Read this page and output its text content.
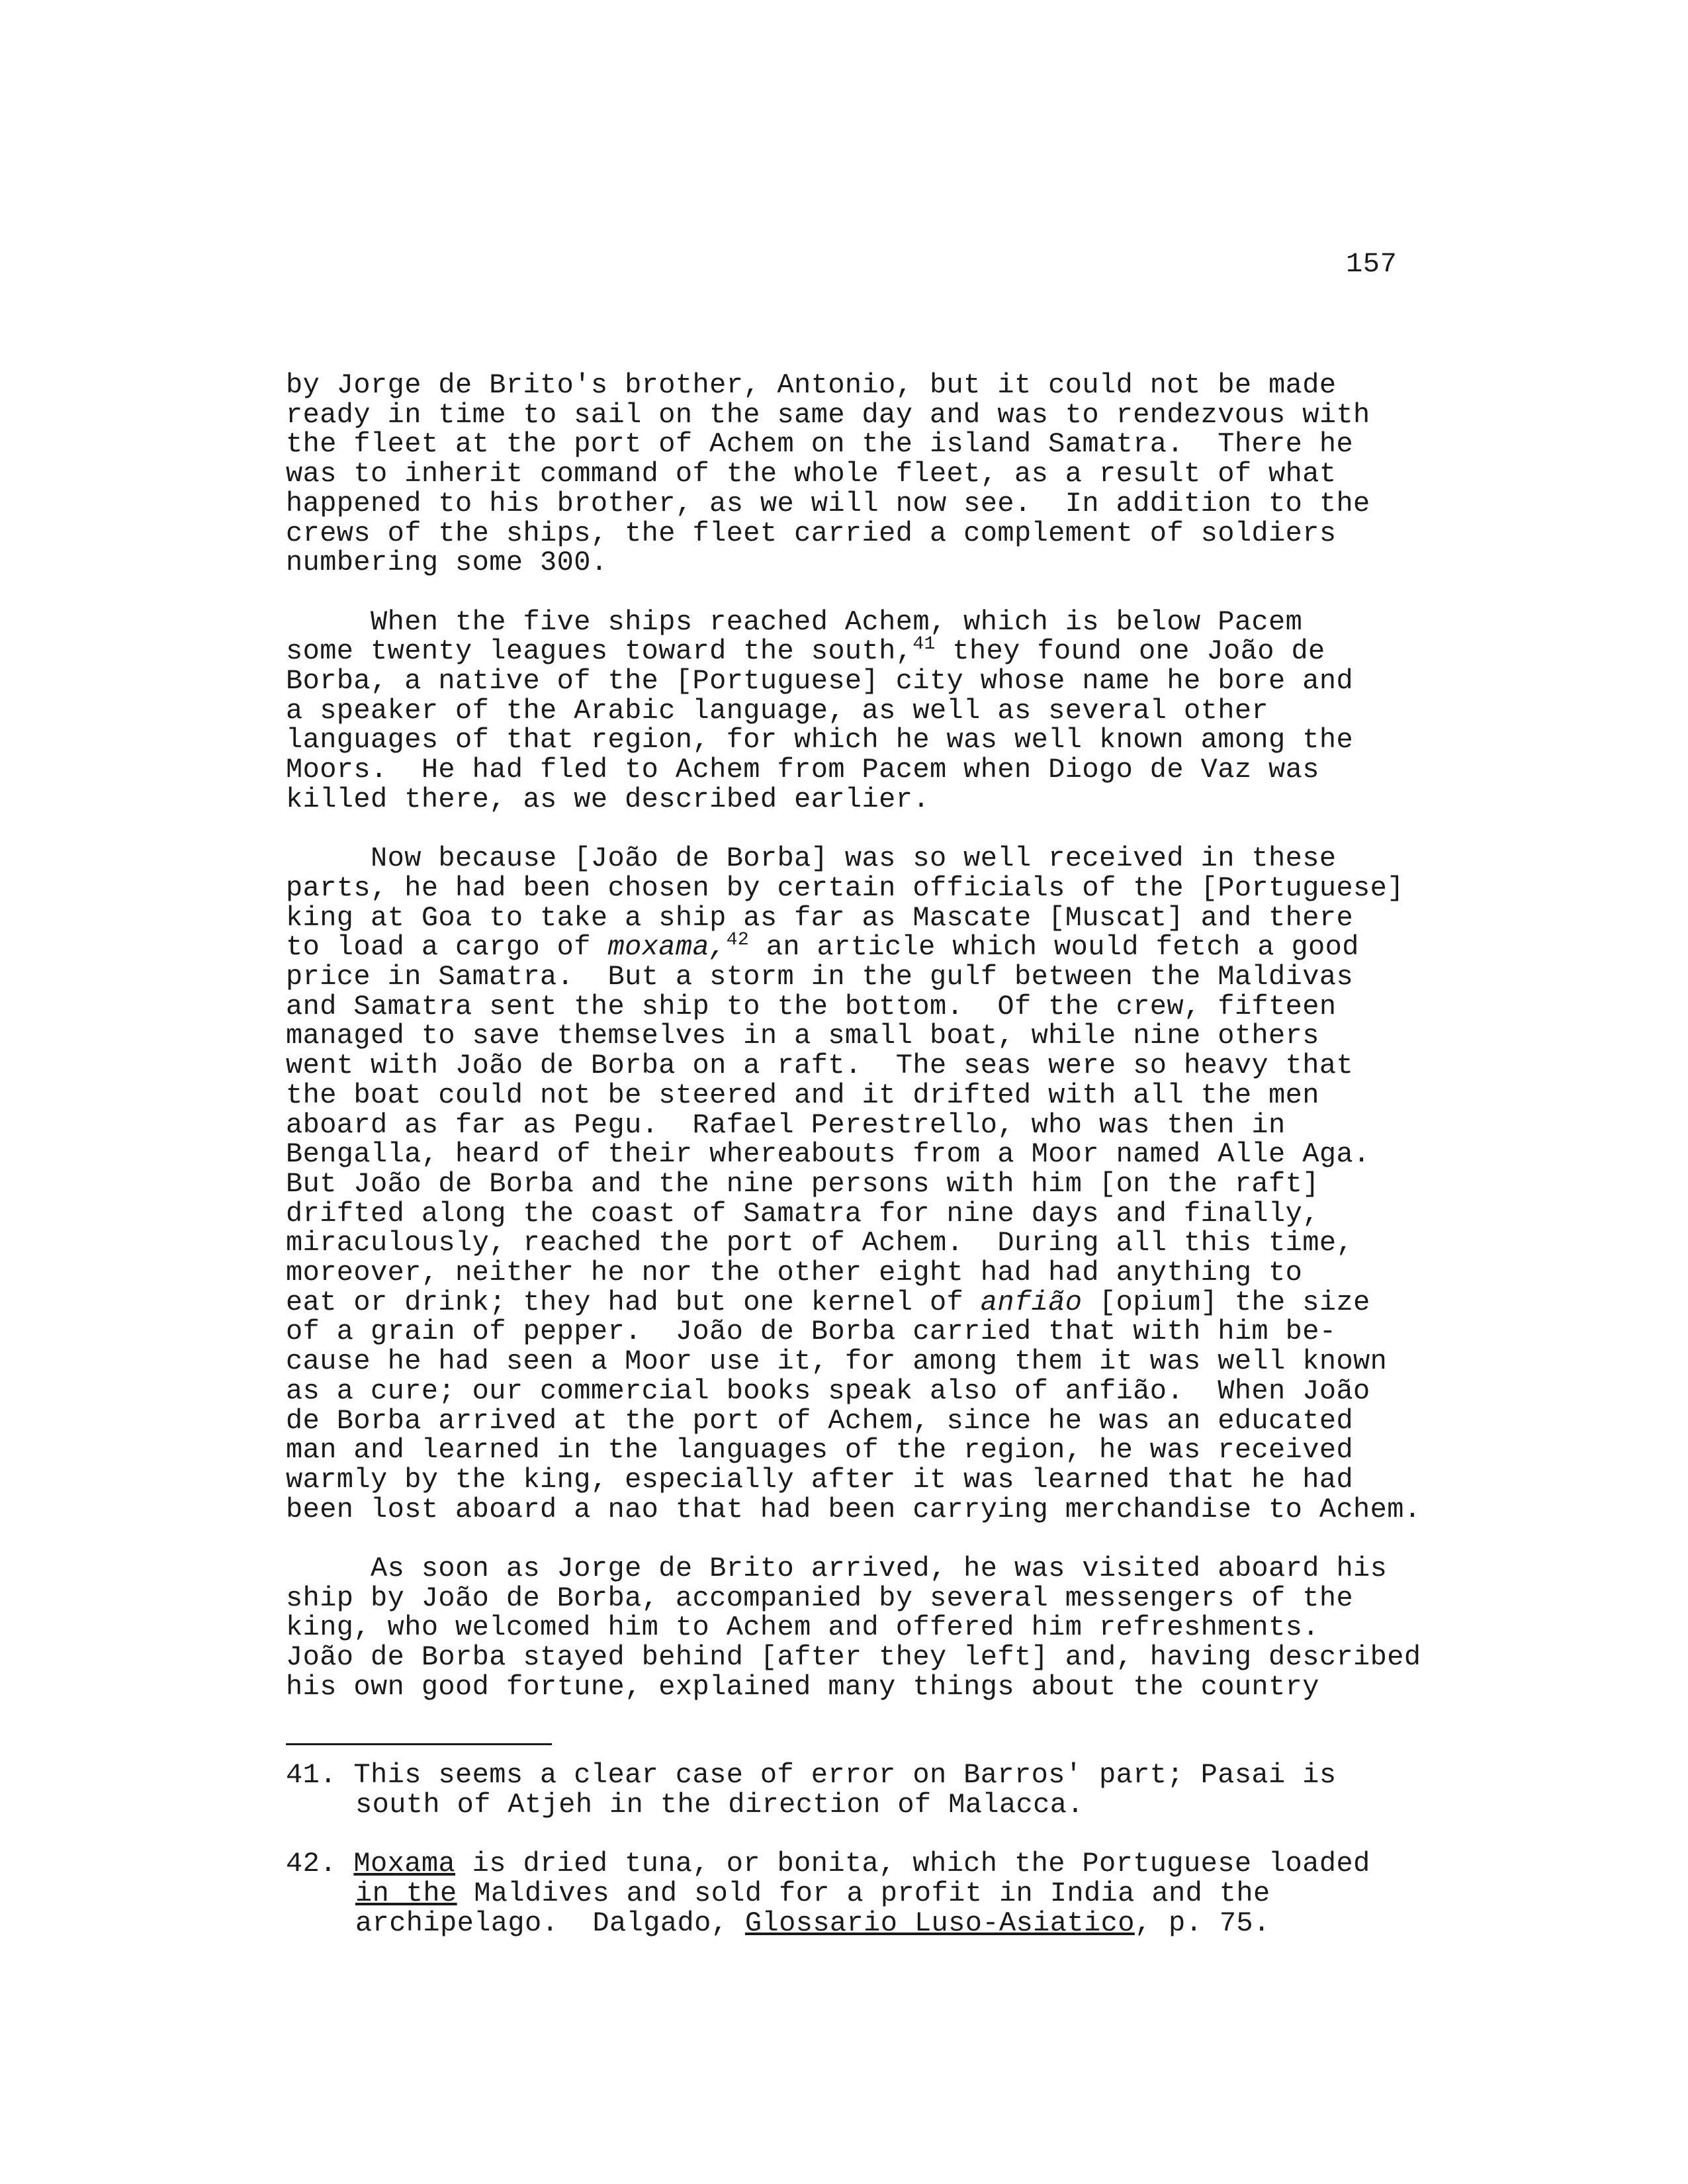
157

by Jorge de Brito's brother, Antonio, but it could not be made
ready in time to sail on the same day and was to rendezvous with
the fleet at the port of Achem on the island Samatra.  There he
was to inherit command of the whole fleet, as a result of what
happened to his brother, as we will now see.  In addition to the
crews of the ships, the fleet carried a complement of soldiers
numbering some 300.

When the five ships reached Achem, which is below Pacem
some twenty leagues toward the south,$^{41}$ they found one João de
Borba, a native of the [Portuguese] city whose name he bore and
a speaker of the Arabic language, as well as several other
languages of that region, for which he was well known among the
Moors.  He had fled to Achem from Pacem when Diogo de Vaz was
killed there, as we described earlier.

Now because [João de Borba] was so well received in these
parts, he had been chosen by certain officials of the [Portuguese]
king at Goa to take a ship as far as Mascate [Muscat] and there
to load a cargo of moxama,$^{42}$ an article which would fetch a good
price in Samatra.  But a storm in the gulf between the Maldivas
and Samatra sent the ship to the bottom.  Of the crew, fifteen
managed to save themselves in a small boat, while nine others
went with João de Borba on a raft.  The seas were so heavy that
the boat could not be steered and it drifted with all the men
aboard as far as Pegu.  Rafael Perestrello, who was then in
Bengalla, heard of their whereabouts from a Moor named Alle Aga.
But João de Borba and the nine persons with him [on the raft]
drifted along the coast of Samatra for nine days and finally,
miraculously, reached the port of Achem.  During all this time,
moreover, neither he nor the other eight had had anything to
eat or drink; they had but one kernel of anfião [opium] the size
of a grain of pepper.  João de Borba carried that with him be-
cause he had seen a Moor use it, for among them it was well known
as a cure; our commercial books speak also of anfião.  When João
de Borba arrived at the port of Achem, since he was an educated
man and learned in the languages of the region, he was received
warmly by the king, especially after it was learned that he had
been lost aboard a nao that had been carrying merchandise to Achem.

As soon as Jorge de Brito arrived, he was visited aboard his
ship by João de Borba, accompanied by several messengers of the
king, who welcomed him to Achem and offered him refreshments.
João de Borba stayed behind [after they left] and, having described
his own good fortune, explained many things about the country

41. This seems a clear case of error on Barros' part; Pasai is
south of Atjeh in the direction of Malacca.

42. Moxama is dried tuna, or bonita, which the Portuguese loaded
in the Maldives and sold for a profit in India and the
archipelago.  Dalgado, Glossario Luso-Asiatico, p. 75.
